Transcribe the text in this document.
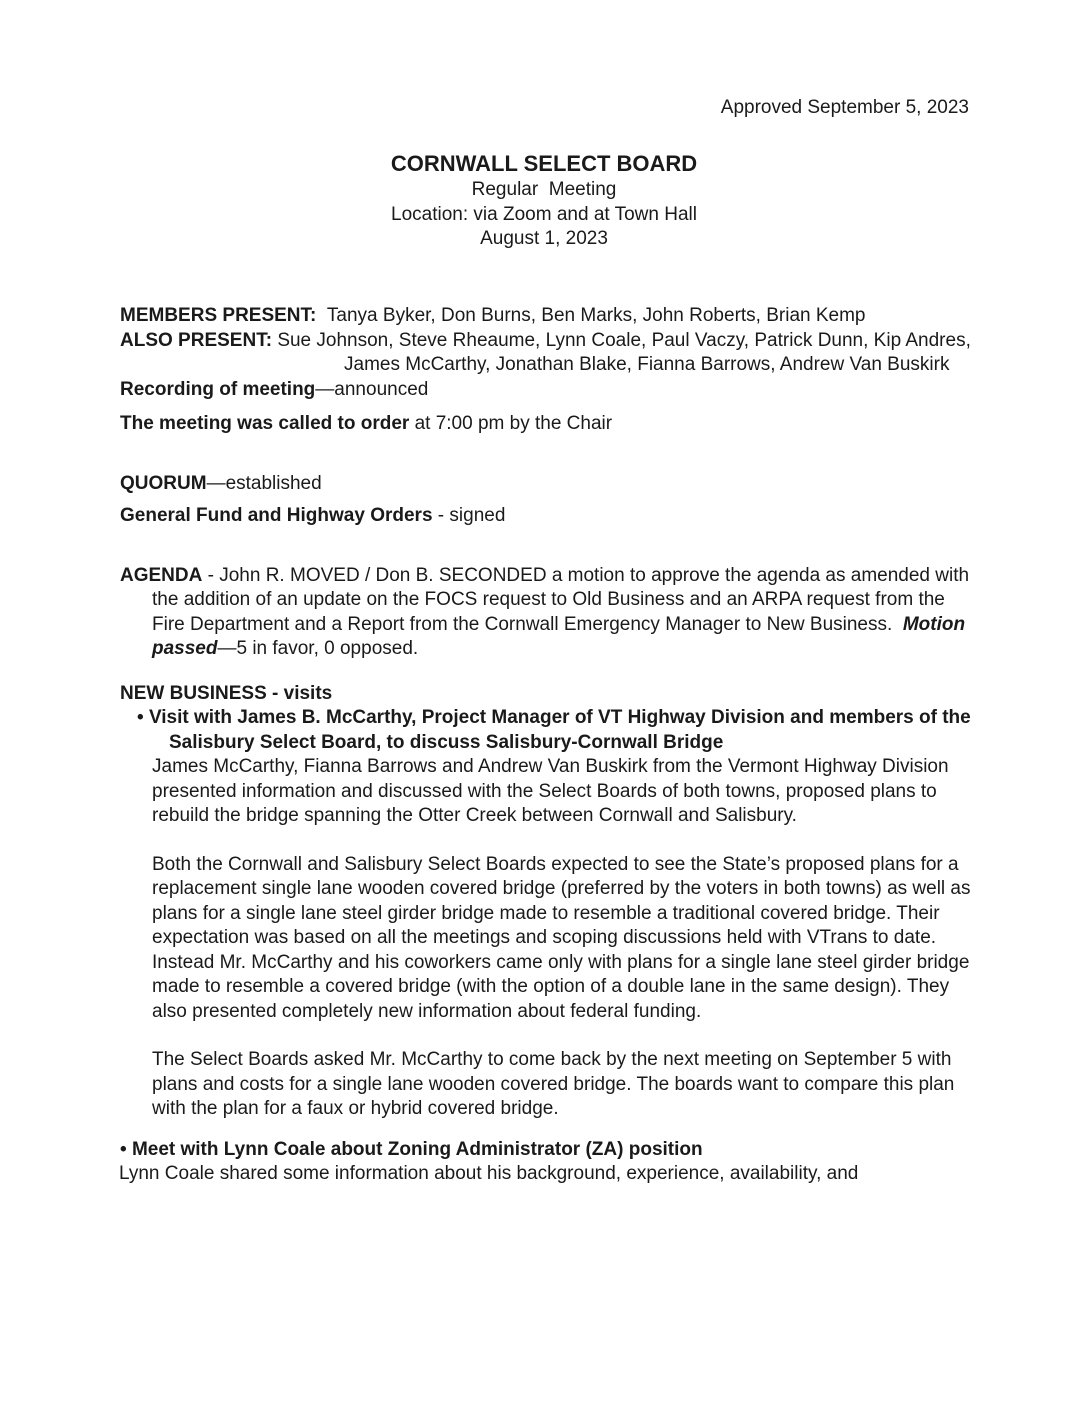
Approved September 5, 2023
CORNWALL SELECT BOARD
Regular  Meeting
Location: via Zoom and at Town Hall
August 1, 2023
MEMBERS PRESENT: Tanya Byker, Don Burns, Ben Marks, John Roberts, Brian Kemp
ALSO PRESENT: Sue Johnson, Steve Rheaume, Lynn Coale, Paul Vaczy, Patrick Dunn, Kip Andres, James McCarthy, Jonathan Blake, Fianna Barrows, Andrew Van Buskirk
Recording of meeting—announced
The meeting was called to order at 7:00 pm by the Chair
QUORUM—established
General Fund and Highway Orders - signed
AGENDA - John R. MOVED / Don B. SECONDED a motion to approve the agenda as amended with the addition of an update on the FOCS request to Old Business and an ARPA request from the Fire Department and a Report from the Cornwall Emergency Manager to New Business.  Motion passed—5 in favor, 0 opposed.
NEW BUSINESS - visits
• Visit with James B. McCarthy, Project Manager of VT Highway Division and members of the Salisbury Select Board, to discuss Salisbury-Cornwall Bridge
James McCarthy, Fianna Barrows and Andrew Van Buskirk from the Vermont Highway Division presented information and discussed with the Select Boards of both towns, proposed plans to rebuild the bridge spanning the Otter Creek between Cornwall and Salisbury.
Both the Cornwall and Salisbury Select Boards expected to see the State’s proposed plans for a replacement single lane wooden covered bridge (preferred by the voters in both towns) as well as plans for a single lane steel girder bridge made to resemble a traditional covered bridge. Their expectation was based on all the meetings and scoping discussions held with VTrans to date. Instead Mr. McCarthy and his coworkers came only with plans for a single lane steel girder bridge made to resemble a covered bridge (with the option of a double lane in the same design). They also presented completely new information about federal funding.
The Select Boards asked Mr. McCarthy to come back by the next meeting on September 5 with plans and costs for a single lane wooden covered bridge. The boards want to compare this plan with the plan for a faux or hybrid covered bridge.
• Meet with Lynn Coale about Zoning Administrator (ZA) position
Lynn Coale shared some information about his background, experience, availability, and
